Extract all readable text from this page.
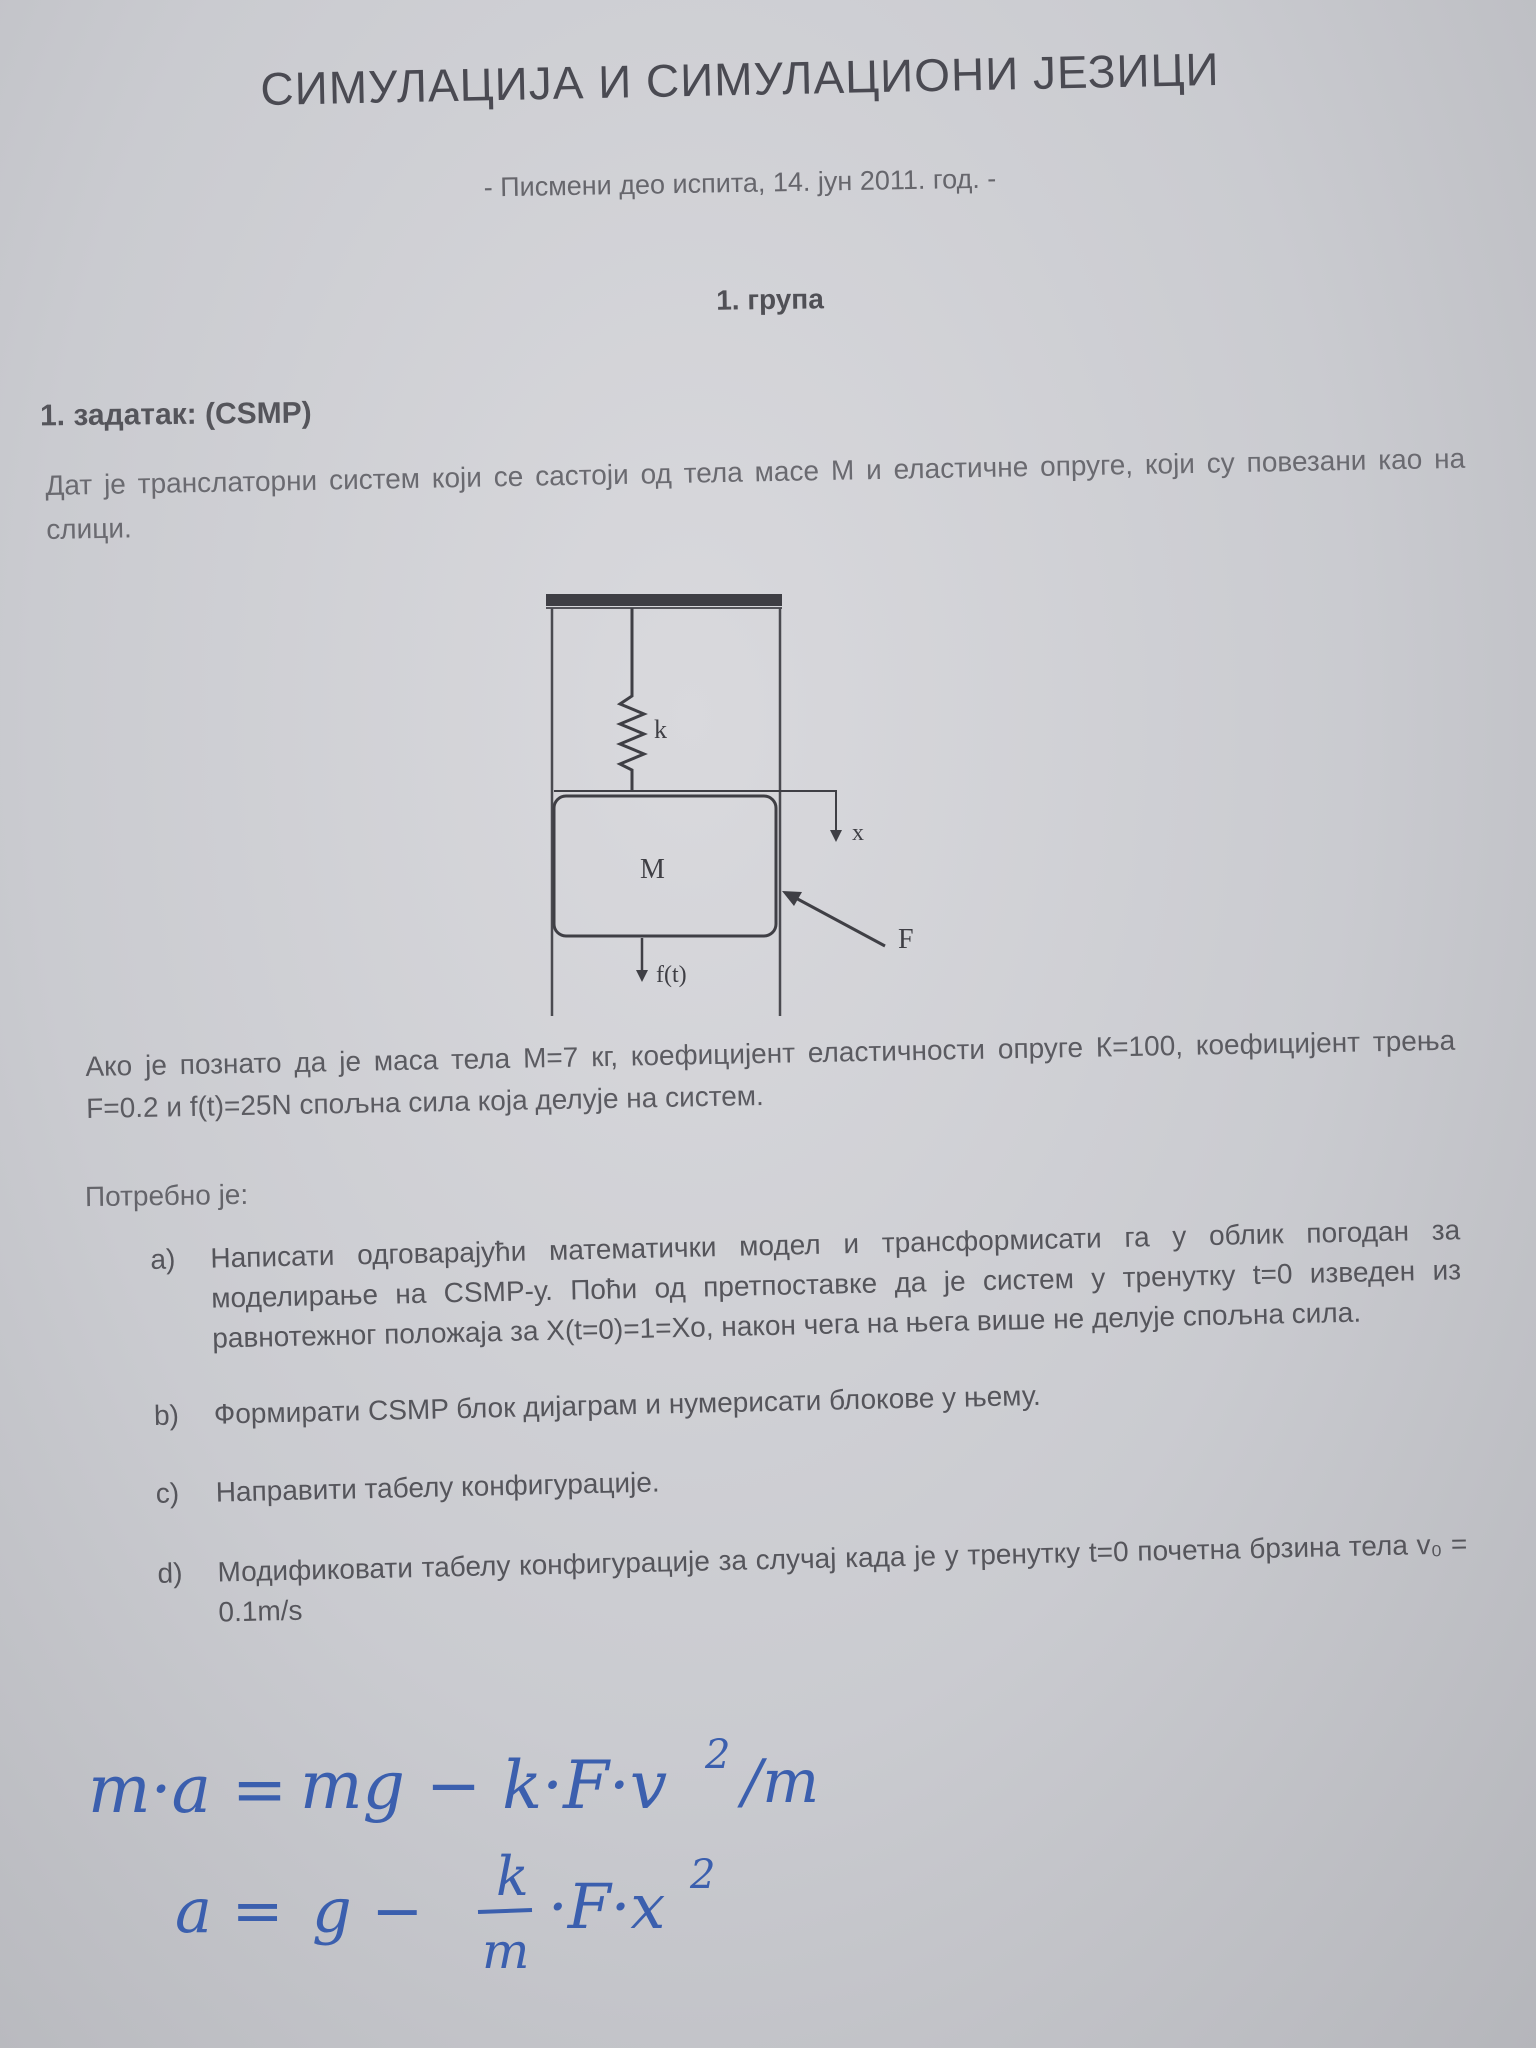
СИМУЛАЦИЈА И СИМУЛАЦИОНИ ЈЕЗИЦИ
- Писмени део испита, 14. јун 2011. год. -
1. група
1. задатак: (CSMP)
Дат је транслаторни систем који се састоји од тела масе М и еластичне опруге, који су повезани као на слици.
k
x
M
F
f(t)
Ако је познато да је маса тела М=7 кг, коефицијент еластичности опруге К=100, коефицијент трења F=0.2 и f(t)=25N спољна сила која делује на систем.
Потребно је:
a) Написати одговарајући математички модел и трансформисати га у облик погодан за моделирање на CSMP-у. Поћи од претпоставке да је систем у тренутку t=0 изведен из равнотежног положаја за X(t=0)=1=Xo, након чега на њега више не делује спољна сила.
b) Формирати CSMP блок дијаграм и нумерисати блокове у њему.
c) Направити табелу конфигурације.
d) Модификовати табелу конфигурације за случај када је у тренутку t=0 почетна брзина тела v₀ = 0.1m/s
m·a = mg − k·F·v 2 /m
a = g − k
m
·F·x 2
